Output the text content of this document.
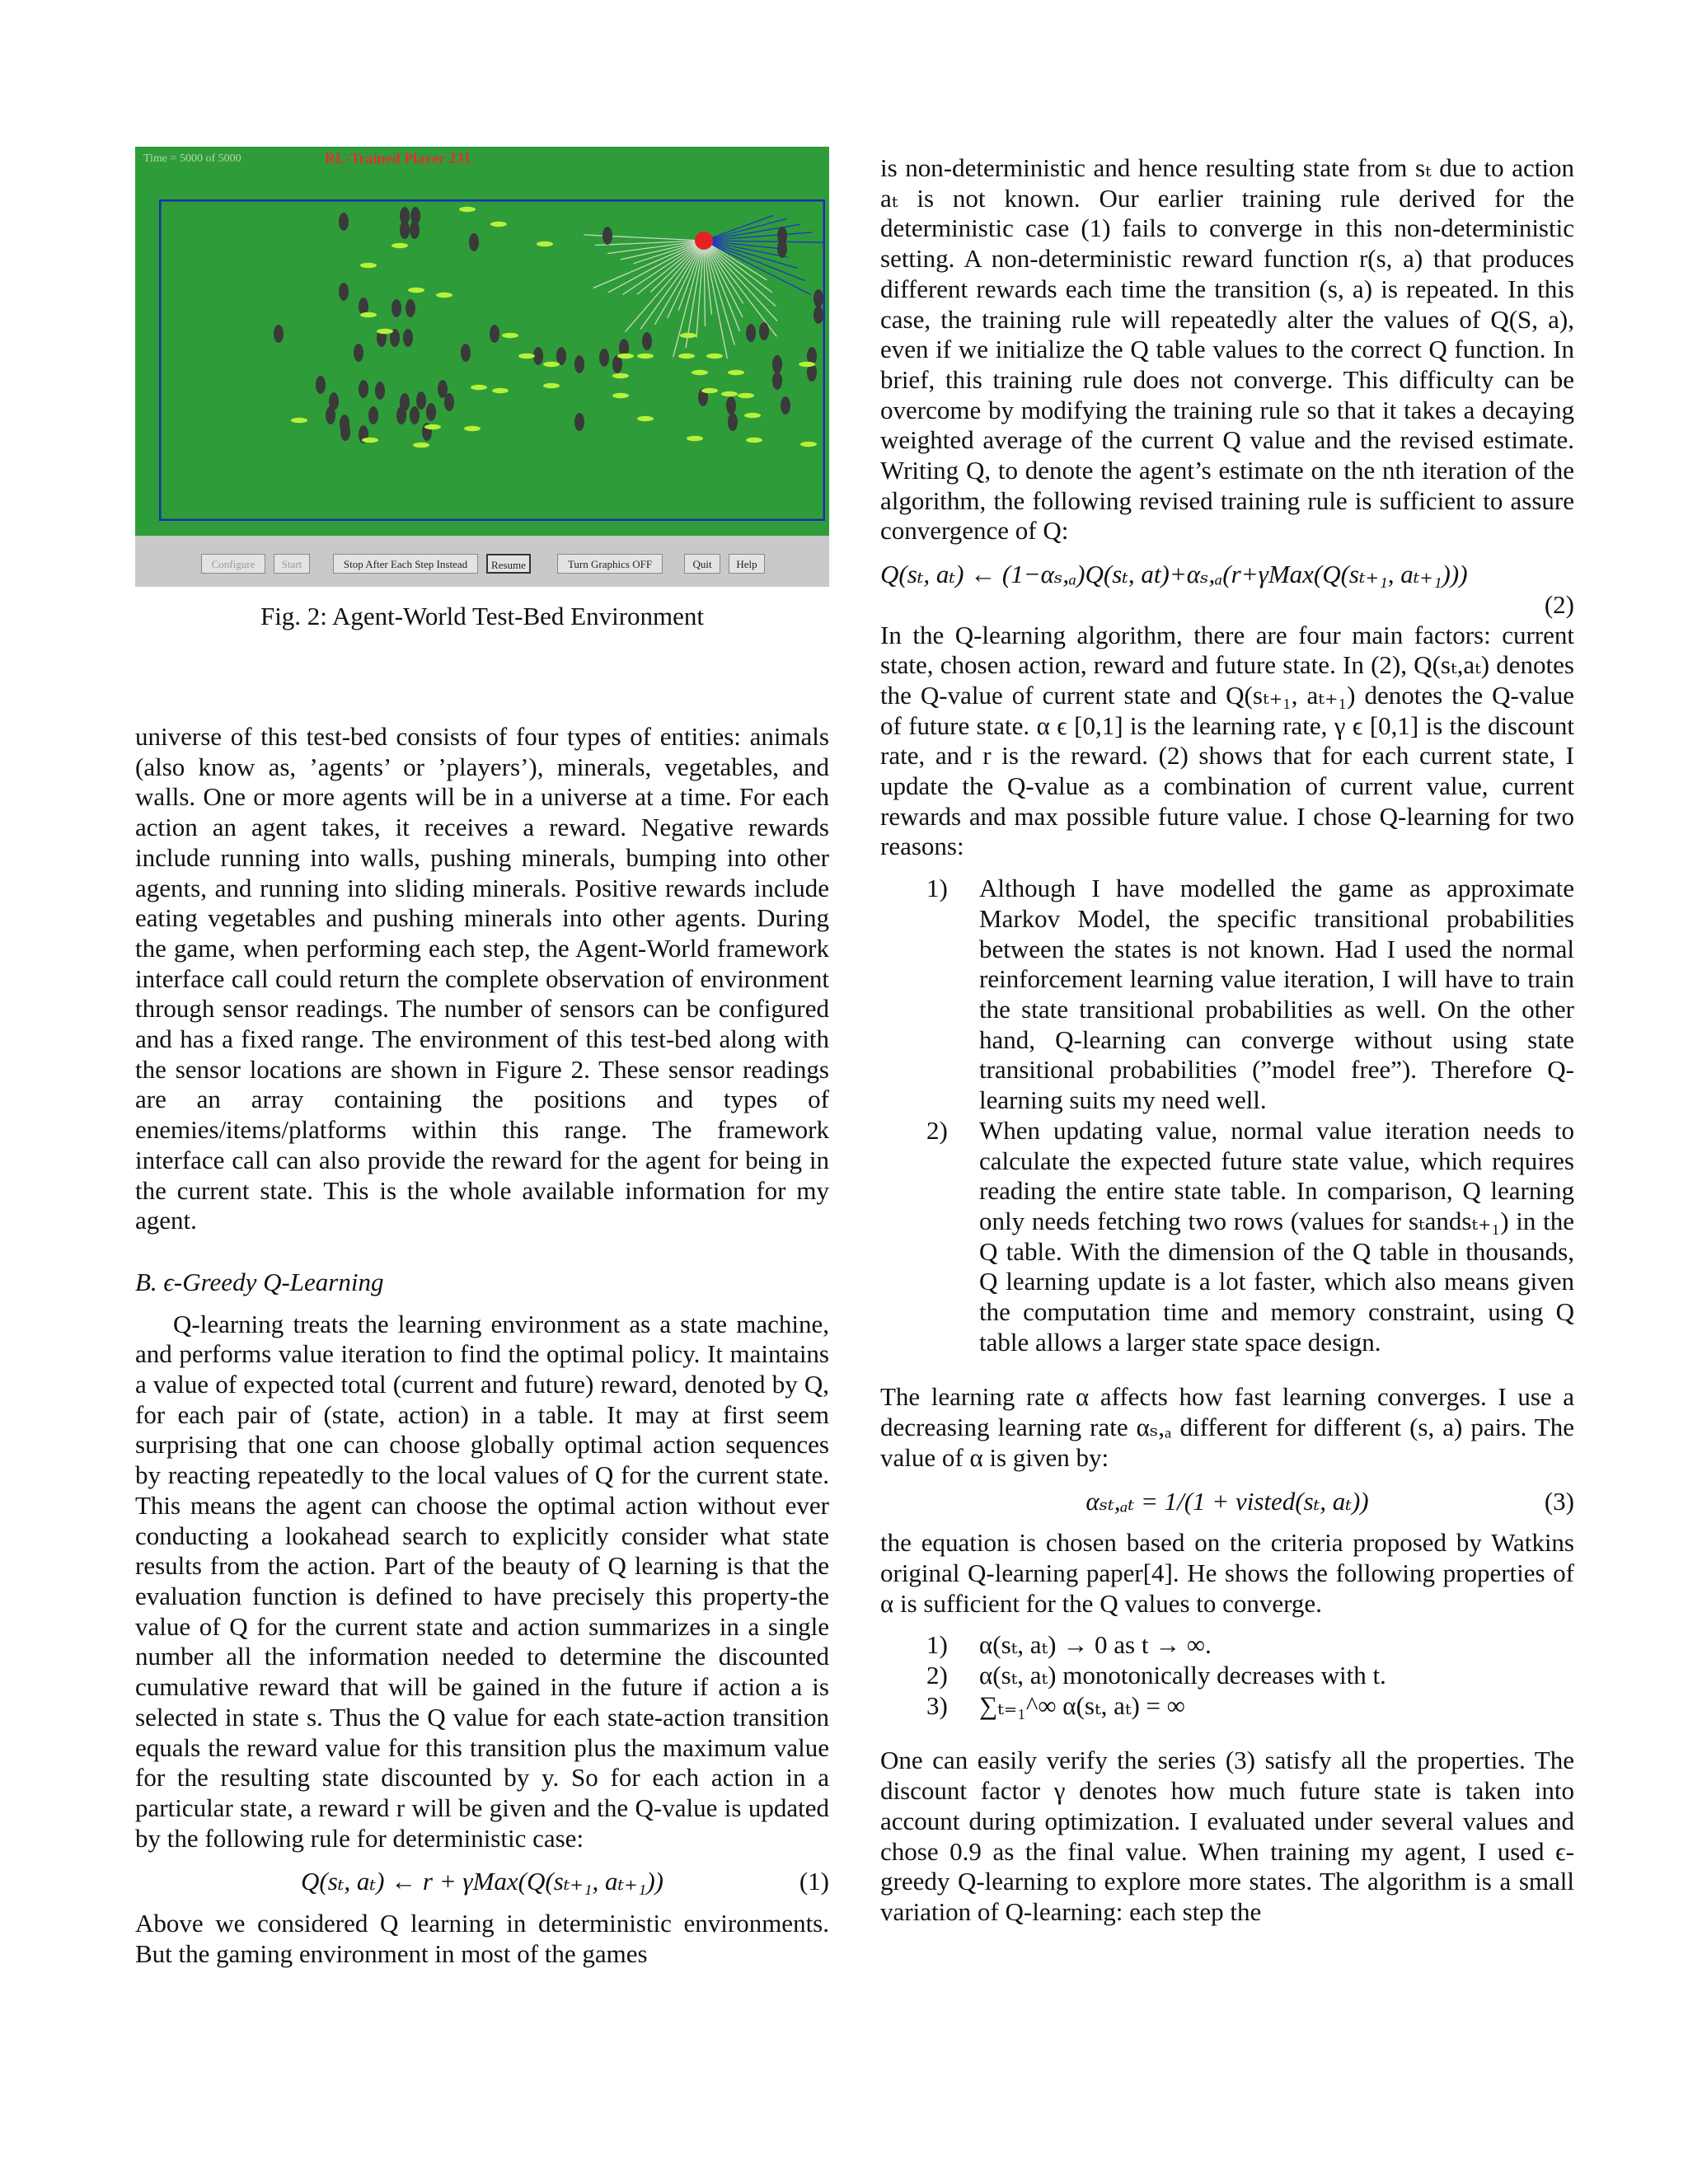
Time = 5000 of 5000	RL-Trained Player 231
Configure	Start	Stop After Each Step Instead	Resume	Turn Graphics OFF	Quit	Help
Fig. 2: Agent-World Test-Bed Environment

universe of this test-bed consists of four types of entities: animals (also know as, ’agents’ or ’players’), minerals, vegetables, and walls. One or more agents will be in a universe at a time. For each action an agent takes, it receives a reward. Negative rewards include running into walls, pushing minerals, bumping into other agents, and running into sliding minerals. Positive rewards include eating vegetables and pushing minerals into other agents. During the game, when performing each step, the Agent-World framework interface call could return the complete observation of environment through sensor readings. The number of sensors can be configured and has a fixed range. The environment of this test-bed along with the sensor locations are shown in Figure 2. These sensor readings are an array containing the positions and types of enemies/items/platforms within this range. The framework interface call can also provide the reward for the agent for being in the current state. This is the whole available information for my agent.

B. ϵ-Greedy Q-Learning

Q-learning treats the learning environment as a state machine, and performs value iteration to find the optimal policy. It maintains a value of expected total (current and future) reward, denoted by Q, for each pair of (state, action) in a table. It may at first seem surprising that one can choose globally optimal action sequences by reacting repeatedly to the local values of Q for the current state. This means the agent can choose the optimal action without ever conducting a lookahead search to explicitly consider what state results from the action. Part of the beauty of Q learning is that the evaluation function is defined to have precisely this property-the value of Q for the current state and action summarizes in a single number all the information needed to determine the discounted cumulative reward that will be gained in the future if action a is selected in state s. Thus the Q value for each state-action transition equals the reward value for this transition plus the maximum value for the resulting state discounted by y. So for each action in a particular state, a reward r will be given and the Q-value is updated by the following rule for deterministic case:

Q(sₜ, aₜ) ← r + γMax(Q(sₜ₊₁, aₜ₊₁))	(1)

Above we considered Q learning in deterministic environments. But the gaming environment in most of the games

is non-deterministic and hence resulting state from sₜ due to action aₜ is not known. Our earlier training rule derived for the deterministic case (1) fails to converge in this non-deterministic setting. A non-deterministic reward function r(s, a) that produces different rewards each time the transition (s, a) is repeated. In this case, the training rule will repeatedly alter the values of Q(S, a), even if we initialize the Q table values to the correct Q function. In brief, this training rule does not converge. This difficulty can be overcome by modifying the training rule so that it takes a decaying weighted average of the current Q value and the revised estimate. Writing Q, to denote the agent’s estimate on the nth iteration of the algorithm, the following revised training rule is sufficient to assure convergence of Q:

Q(sₜ, aₜ) ← (1−αₛ,ₐ)Q(sₜ, at)+αₛ,ₐ(r+γMax(Q(sₜ₊₁, aₜ₊₁)))
(2)

In the Q-learning algorithm, there are four main factors: current state, chosen action, reward and future state. In (2), Q(sₜ,aₜ) denotes the Q-value of current state and Q(sₜ₊₁, aₜ₊₁) denotes the Q-value of future state. α ϵ [0,1] is the learning rate, γ ϵ [0,1] is the discount rate, and r is the reward. (2) shows that for each current state, I update the Q-value as a combination of current value, current rewards and max possible future value. I chose Q-learning for two reasons:

1)	Although I have modelled the game as approximate Markov Model, the specific transitional probabilities between the states is not known. Had I used the normal reinforcement learning value iteration, I will have to train the state transitional probabilities as well. On the other hand, Q-learning can converge without using state transitional probabilities (”model free”). Therefore Q-learning suits my need well.
2)	When updating value, normal value iteration needs to calculate the expected future state value, which requires reading the entire state table. In comparison, Q learning only needs fetching two rows (values for sₜandsₜ₊₁) in the Q table. With the dimension of the Q table in thousands, Q learning update is a lot faster, which also means given the computation time and memory constraint, using Q table allows a larger state space design.

The learning rate α affects how fast learning converges. I use a decreasing learning rate αₛ,ₐ different for different (s, a) pairs. The value of α is given by:

αₛₜ,ₐₜ = 1/(1 + visted(sₜ, aₜ))	(3)

the equation is chosen based on the criteria proposed by Watkins original Q-learning paper[4]. He shows the following properties of α is sufficient for the Q values to converge.

1)	α(sₜ, aₜ) → 0 as t → ∞.
2)	α(sₜ, aₜ) monotonically decreases with t.
3)	∑ₜ₌₁^∞ α(sₜ, aₜ) = ∞

One can easily verify the series (3) satisfy all the properties. The discount factor γ denotes how much future state is taken into account during optimization. I evaluated under several values and chose 0.9 as the final value. When training my agent, I used ϵ-greedy Q-learning to explore more states. The algorithm is a small variation of Q-learning: each step the
